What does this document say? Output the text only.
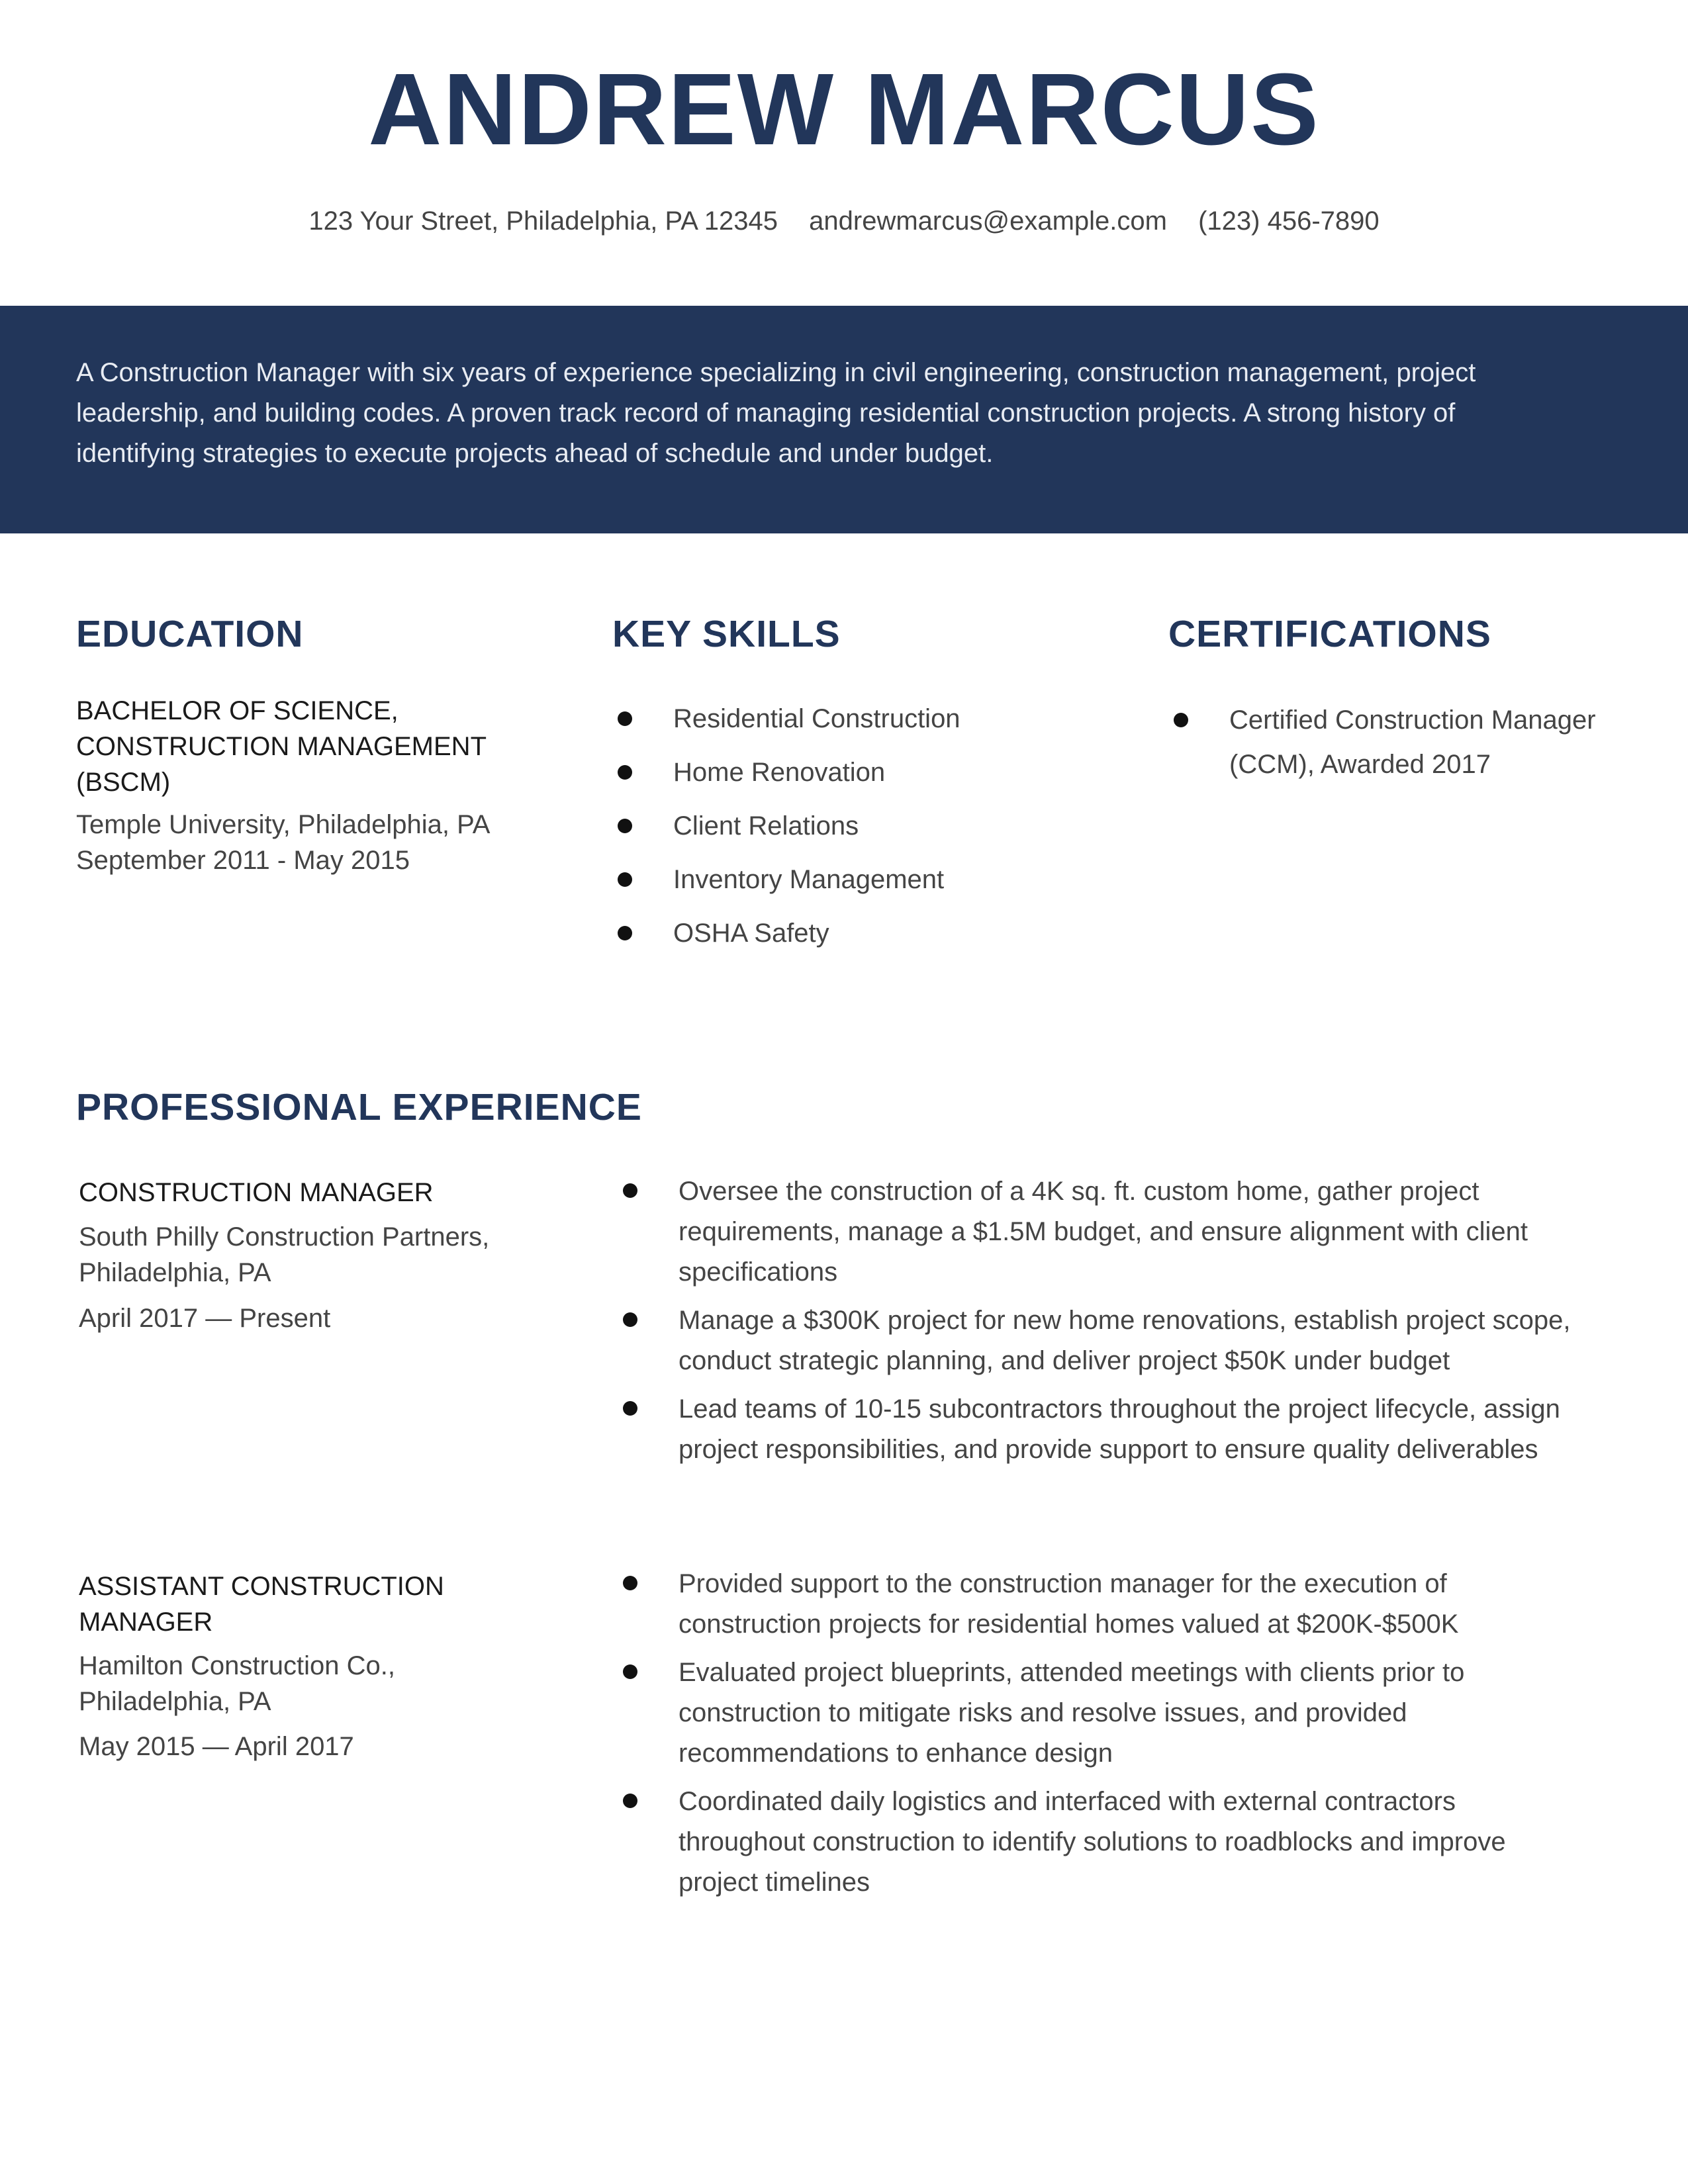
ANDREW MARCUS
123 Your Street, Philadelphia, PA 12345 andrewmarcus@example.com (123) 456-7890
A Construction Manager with six years of experience specializing in civil engineering, construction management, project leadership, and building codes. A proven track record of managing residential construction projects. A strong history of identifying strategies to execute projects ahead of schedule and under budget.
EDUCATION
BACHELOR OF SCIENCE, CONSTRUCTION MANAGEMENT (BSCM)
Temple University, Philadelphia, PA
September 2011 - May 2015
KEY SKILLS
Residential Construction
Home Renovation
Client Relations
Inventory Management
OSHA Safety
CERTIFICATIONS
Certified Construction Manager (CCM), Awarded 2017
PROFESSIONAL EXPERIENCE
CONSTRUCTION MANAGER
South Philly Construction Partners, Philadelphia, PA
April 2017 — Present
Oversee the construction of a 4K sq. ft. custom home, gather project requirements, manage a $1.5M budget, and ensure alignment with client specifications
Manage a $300K project for new home renovations, establish project scope, conduct strategic planning, and deliver project $50K under budget
Lead teams of 10-15 subcontractors throughout the project lifecycle, assign project responsibilities, and provide support to ensure quality deliverables
ASSISTANT CONSTRUCTION MANAGER
Hamilton Construction Co., Philadelphia, PA
May 2015 — April 2017
Provided support to the construction manager for the execution of construction projects for residential homes valued at $200K-$500K
Evaluated project blueprints, attended meetings with clients prior to construction to mitigate risks and resolve issues, and provided recommendations to enhance design
Coordinated daily logistics and interfaced with external contractors throughout construction to identify solutions to roadblocks and improve project timelines
